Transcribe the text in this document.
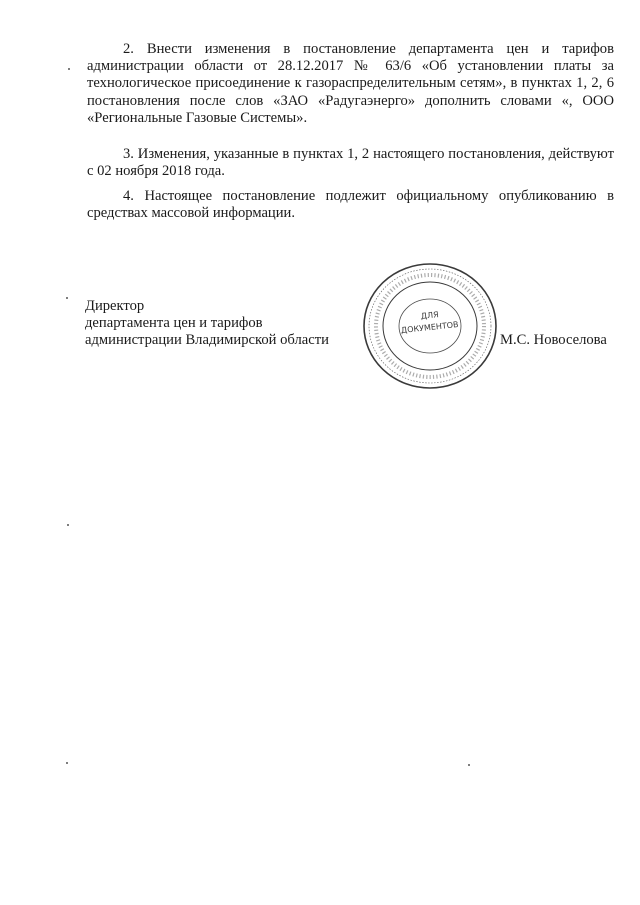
2. Внести изменения в постановление департамента цен и тарифов администрации области от 28.12.2017 № 63/6 «Об установлении платы за технологическое присоединение к газораспределительным сетям», в пунктах 1, 2, 6 постановления после слов «ЗАО «Радугаэнерго» дополнить словами «, ООО «Региональные Газовые Системы».

3. Изменения, указанные в пунктах 1, 2 настоящего постановления, действуют с 02 ноября 2018 года.

4. Настоящее постановление подлежит официальному опубликованию в средствах массовой информации.

Директор
департамента цен и тарифов
администрации Владимирской области	М.С. Новоселова
ДЛЯ
ДОКУМЕНТОВ
